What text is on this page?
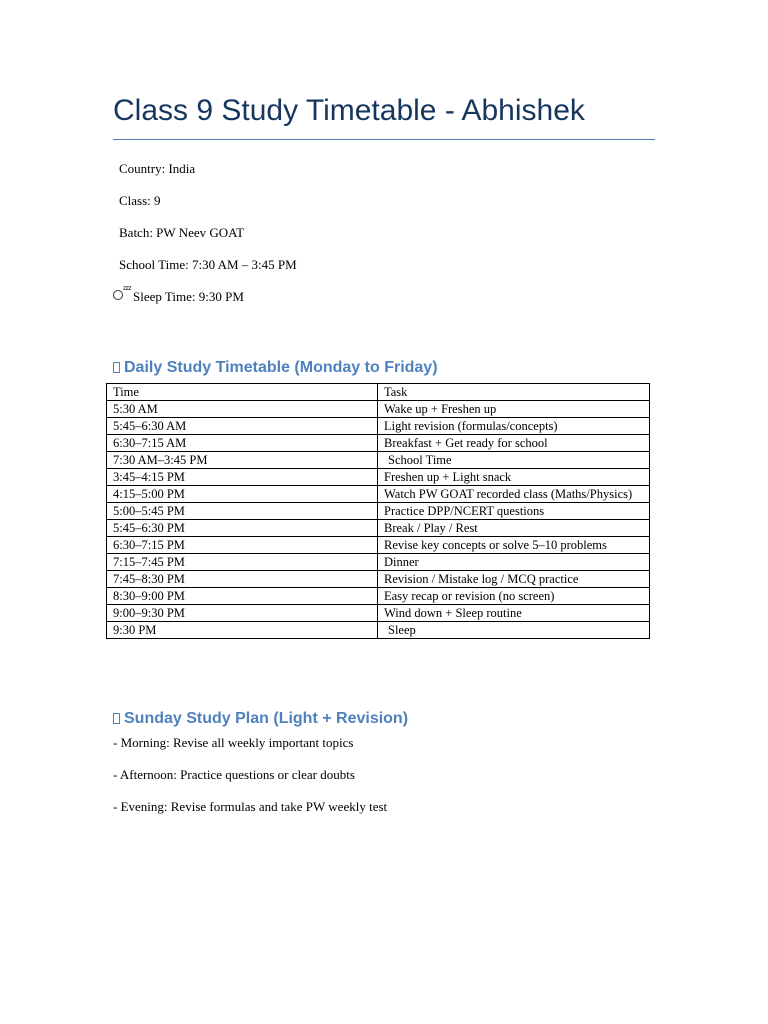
Class 9 Study Timetable - Abhishek

Country: India

Class: 9

Batch: PW Neev GOAT

School Time: 7:30 AM – 3:45 PM

zzz
Sleep Time: 9:30 PM

Daily Study Timetable (Monday to Friday)
Time	Task
5:30 AM	Wake up + Freshen up
5:45–6:30 AM	Light revision (formulas/concepts)
6:30–7:15 AM	Breakfast + Get ready for school
7:30 AM–3:45 PM	School Time
3:45–4:15 PM	Freshen up + Light snack
4:15–5:00 PM	Watch PW GOAT recorded class (Maths/Physics)
5:00–5:45 PM	Practice DPP/NCERT questions
5:45–6:30 PM	Break / Play / Rest
6:30–7:15 PM	Revise key concepts or solve 5–10 problems
7:15–7:45 PM	Dinner
7:45–8:30 PM	Revision / Mistake log / MCQ practice
8:30–9:00 PM	Easy recap or revision (no screen)
9:00–9:30 PM	Wind down + Sleep routine
9:30 PM	Sleep
Sunday Study Plan (Light + Revision)

- Morning: Revise all weekly important topics

- Afternoon: Practice questions or clear doubts

- Evening: Revise formulas and take PW weekly test
